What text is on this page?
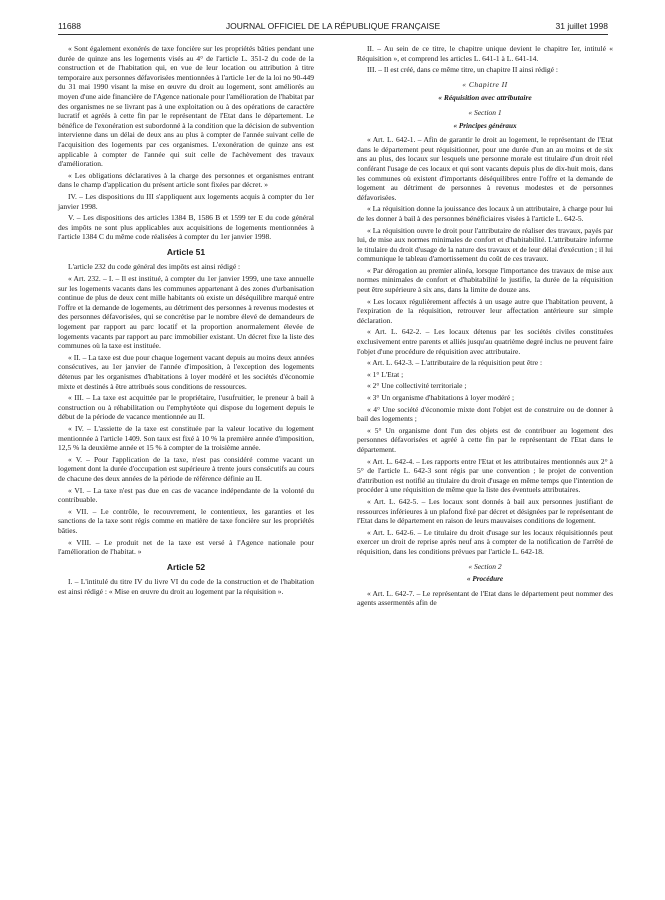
11688	JOURNAL OFFICIEL DE LA RÉPUBLIQUE FRANÇAISE	31 juillet 1998

« Sont également exonérés de taxe foncière sur les propriétés bâties pendant une durée de quinze ans les logements visés au 4° de l'article L. 351-2 du code de la construction et de l'habitation qui, en vue de leur location ou attribution à titre temporaire aux personnes défavorisées mentionnées à l'article 1er de la loi no 90-449 du 31 mai 1990 visant la mise en œuvre du droit au logement, sont améliorés au moyen d'une aide financière de l'Agence nationale pour l'amélioration de l'habitat par des organismes ne se livrant pas à une exploitation ou à des opérations de caractère lucratif et agréés à cette fin par le représentant de l'Etat dans le département. Le bénéfice de l'exonération est subordonné à la condition que la décision de subvention intervienne dans un délai de deux ans au plus à compter de l'année suivant celle de l'acquisition des logements par ces organismes. L'exonération de quinze ans est applicable à compter de l'année qui suit celle de l'achèvement des travaux d'amélioration.

« Les obligations déclaratives à la charge des personnes et organismes entrant dans le champ d'application du présent article sont fixées par décret. »

IV. – Les dispositions du III s'appliquent aux logements acquis à compter du 1er janvier 1998.

V. – Les dispositions des articles 1384 B, 1586 B et 1599 ter E du code général des impôts ne sont plus applicables aux acquisitions de logements mentionnées à l'article 1384 C du même code réalisées à compter du 1er janvier 1998.

Article 51

L'article 232 du code général des impôts est ainsi rédigé :

« Art. 232. – I. – Il est institué, à compter du 1er janvier 1999, une taxe annuelle sur les logements vacants dans les communes appartenant à des zones d'urbanisation continue de plus de deux cent mille habitants où existe un déséquilibre marqué entre l'offre et la demande de logements, au détriment des personnes à revenus modestes et des personnes défavorisées, qui se concrétise par le nombre élevé de demandeurs de logement par rapport au parc locatif et la proportion anormalement élevée de logements vacants par rapport au parc immobilier existant. Un décret fixe la liste des communes où la taxe est instituée.

« II. – La taxe est due pour chaque logement vacant depuis au moins deux années consécutives, au 1er janvier de l'année d'imposition, à l'exception des logements détenus par les organismes d'habitations à loyer modéré et les sociétés d'économie mixte et destinés à être attribués sous conditions de ressources.

« III. – La taxe est acquittée par le propriétaire, l'usufruitier, le preneur à bail à construction ou à réhabilitation ou l'emphytéote qui dispose du logement depuis le début de la période de vacance mentionnée au II.

« IV. – L'assiette de la taxe est constituée par la valeur locative du logement mentionnée à l'article 1409. Son taux est fixé à 10 % la première année d'imposition, 12,5 % la deuxième année et 15 % à compter de la troisième année.

« V. – Pour l'application de la taxe, n'est pas considéré comme vacant un logement dont la durée d'occupation est supérieure à trente jours consécutifs au cours de chacune des deux années de la période de référence définie au II.

« VI. – La taxe n'est pas due en cas de vacance indépendante de la volonté du contribuable.

« VII. – Le contrôle, le recouvrement, le contentieux, les garanties et les sanctions de la taxe sont régis comme en matière de taxe foncière sur les propriétés bâties.

« VIII. – Le produit net de la taxe est versé à l'Agence nationale pour l'amélioration de l'habitat. »

Article 52

I. – L'intitulé du titre IV du livre VI du code de la construction et de l'habitation est ainsi rédigé : « Mise en œuvre du droit au logement par la réquisition ».

II. – Au sein de ce titre, le chapitre unique devient le chapitre Ier, intitulé « Réquisition », et comprend les articles L. 641-1 à L. 641-14.

III. – Il est créé, dans ce même titre, un chapitre II ainsi rédigé :

« Chapitre II
« Réquisition avec attributaire
« Section 1
« Principes généraux

« Art. L. 642-1. – Afin de garantir le droit au logement, le représentant de l'Etat dans le département peut réquisitionner, pour une durée d'un an au moins et de six ans au plus, des locaux sur lesquels une personne morale est titulaire d'un droit réel conférant l'usage de ces locaux et qui sont vacants depuis plus de dix-huit mois, dans les communes où existent d'importants déséquilibres entre l'offre et la demande de logement au détriment de personnes à revenus modestes et de personnes défavorisées.

« La réquisition donne la jouissance des locaux à un attributaire, à charge pour lui de les donner à bail à des personnes bénéficiaires visées à l'article L. 642-5.

« La réquisition ouvre le droit pour l'attributaire de réaliser des travaux, payés par lui, de mise aux normes minimales de confort et d'habitabilité. L'attributaire informe le titulaire du droit d'usage de la nature des travaux et de leur délai d'exécution ; il lui communique le tableau d'amortissement du coût de ces travaux.

« Par dérogation au premier alinéa, lorsque l'importance des travaux de mise aux normes minimales de confort et d'habitabilité le justifie, la durée de la réquisition peut être supérieure à six ans, dans la limite de douze ans.

« Les locaux régulièrement affectés à un usage autre que l'habitation peuvent, à l'expiration de la réquisition, retrouver leur affectation antérieure sur simple déclaration.

« Art. L. 642-2. – Les locaux détenus par les sociétés civiles constituées exclusivement entre parents et alliés jusqu'au quatrième degré inclus ne peuvent faire l'objet d'une procédure de réquisition avec attributaire.

« Art. L. 642-3. – L'attributaire de la réquisition peut être :

« 1° L'Etat ;

« 2° Une collectivité territoriale ;

« 3° Un organisme d'habitations à loyer modéré ;

« 4° Une société d'économie mixte dont l'objet est de construire ou de donner à bail des logements ;

« 5° Un organisme dont l'un des objets est de contribuer au logement des personnes défavorisées et agréé à cette fin par le représentant de l'Etat dans le département.

« Art. L. 642-4. – Les rapports entre l'Etat et les attributaires mentionnés aux 2° à 5° de l'article L. 642-3 sont régis par une convention ; le projet de convention d'attribution est notifié au titulaire du droit d'usage en même temps que l'intention de procéder à une réquisition de même que la liste des éventuels attributaires.

« Art. L. 642-5. – Les locaux sont donnés à bail aux personnes justifiant de ressources inférieures à un plafond fixé par décret et désignées par le représentant de l'Etat dans le département en raison de leurs mauvaises conditions de logement.

« Art. L. 642-6. – Le titulaire du droit d'usage sur les locaux réquisitionnés peut exercer un droit de reprise après neuf ans à compter de la notification de l'arrêté de réquisition, dans les conditions prévues par l'article L. 642-18.

« Section 2
« Procédure

« Art. L. 642-7. – Le représentant de l'Etat dans le département peut nommer des agents assermentés afin de
